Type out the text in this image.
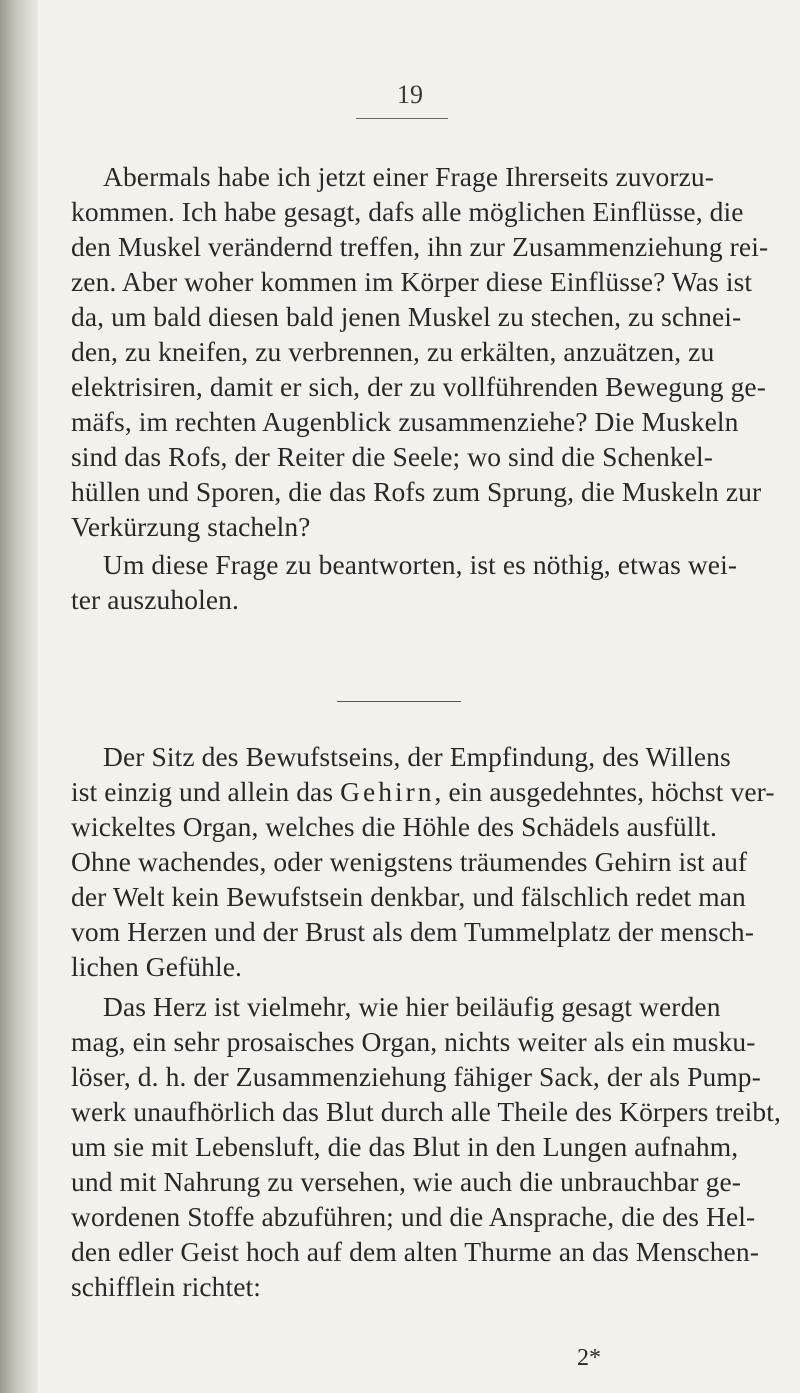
19
Abermals habe ich jetzt einer Frage Ihrerseits zuvorzu-
kommen. Ich habe gesagt, dafs alle möglichen Einflüsse, die
den Muskel verändernd treffen, ihn zur Zusammenziehung rei-
zen. Aber woher kommen im Körper diese Einflüsse? Was ist
da, um bald diesen bald jenen Muskel zu stechen, zu schnei-
den, zu kneifen, zu verbrennen, zu erkälten, anzuätzen, zu
elektrisiren, damit er sich, der zu vollführenden Bewegung ge-
mäfs, im rechten Augenblick zusammenziehe? Die Muskeln
sind das Rofs, der Reiter die Seele; wo sind die Schenkel-
hüllen und Sporen, die das Rofs zum Sprung, die Muskeln zur
Verkürzung stacheln?
Um diese Frage zu beantworten, ist es nöthig, etwas wei-
ter auszuholen.
Der Sitz des Bewufstseins, der Empfindung, des Willens
ist einzig und allein das Gehirn , ein ausgedehntes, höchst ver-
wickeltes Organ, welches die Höhle des Schädels ausfüllt.
Ohne wachendes, oder wenigstens träumendes Gehirn ist auf
der Welt kein Bewufstsein denkbar, und fälschlich redet man
vom Herzen und der Brust als dem Tummelplatz der mensch-
lichen Gefühle.
Das Herz ist vielmehr, wie hier beiläufig gesagt werden
mag, ein sehr prosaisches Organ, nichts weiter als ein musku-
löser, d. h. der Zusammenziehung fähiger Sack, der als Pump-
werk unaufhörlich das Blut durch alle Theile des Körpers treibt,
um sie mit Lebensluft, die das Blut in den Lungen aufnahm,
und mit Nahrung zu versehen, wie auch die unbrauchbar ge-
wordenen Stoffe abzuführen; und die Ansprache, die des Hel-
den edler Geist hoch auf dem alten Thurme an das Menschen-
schifflein richtet:
2*
